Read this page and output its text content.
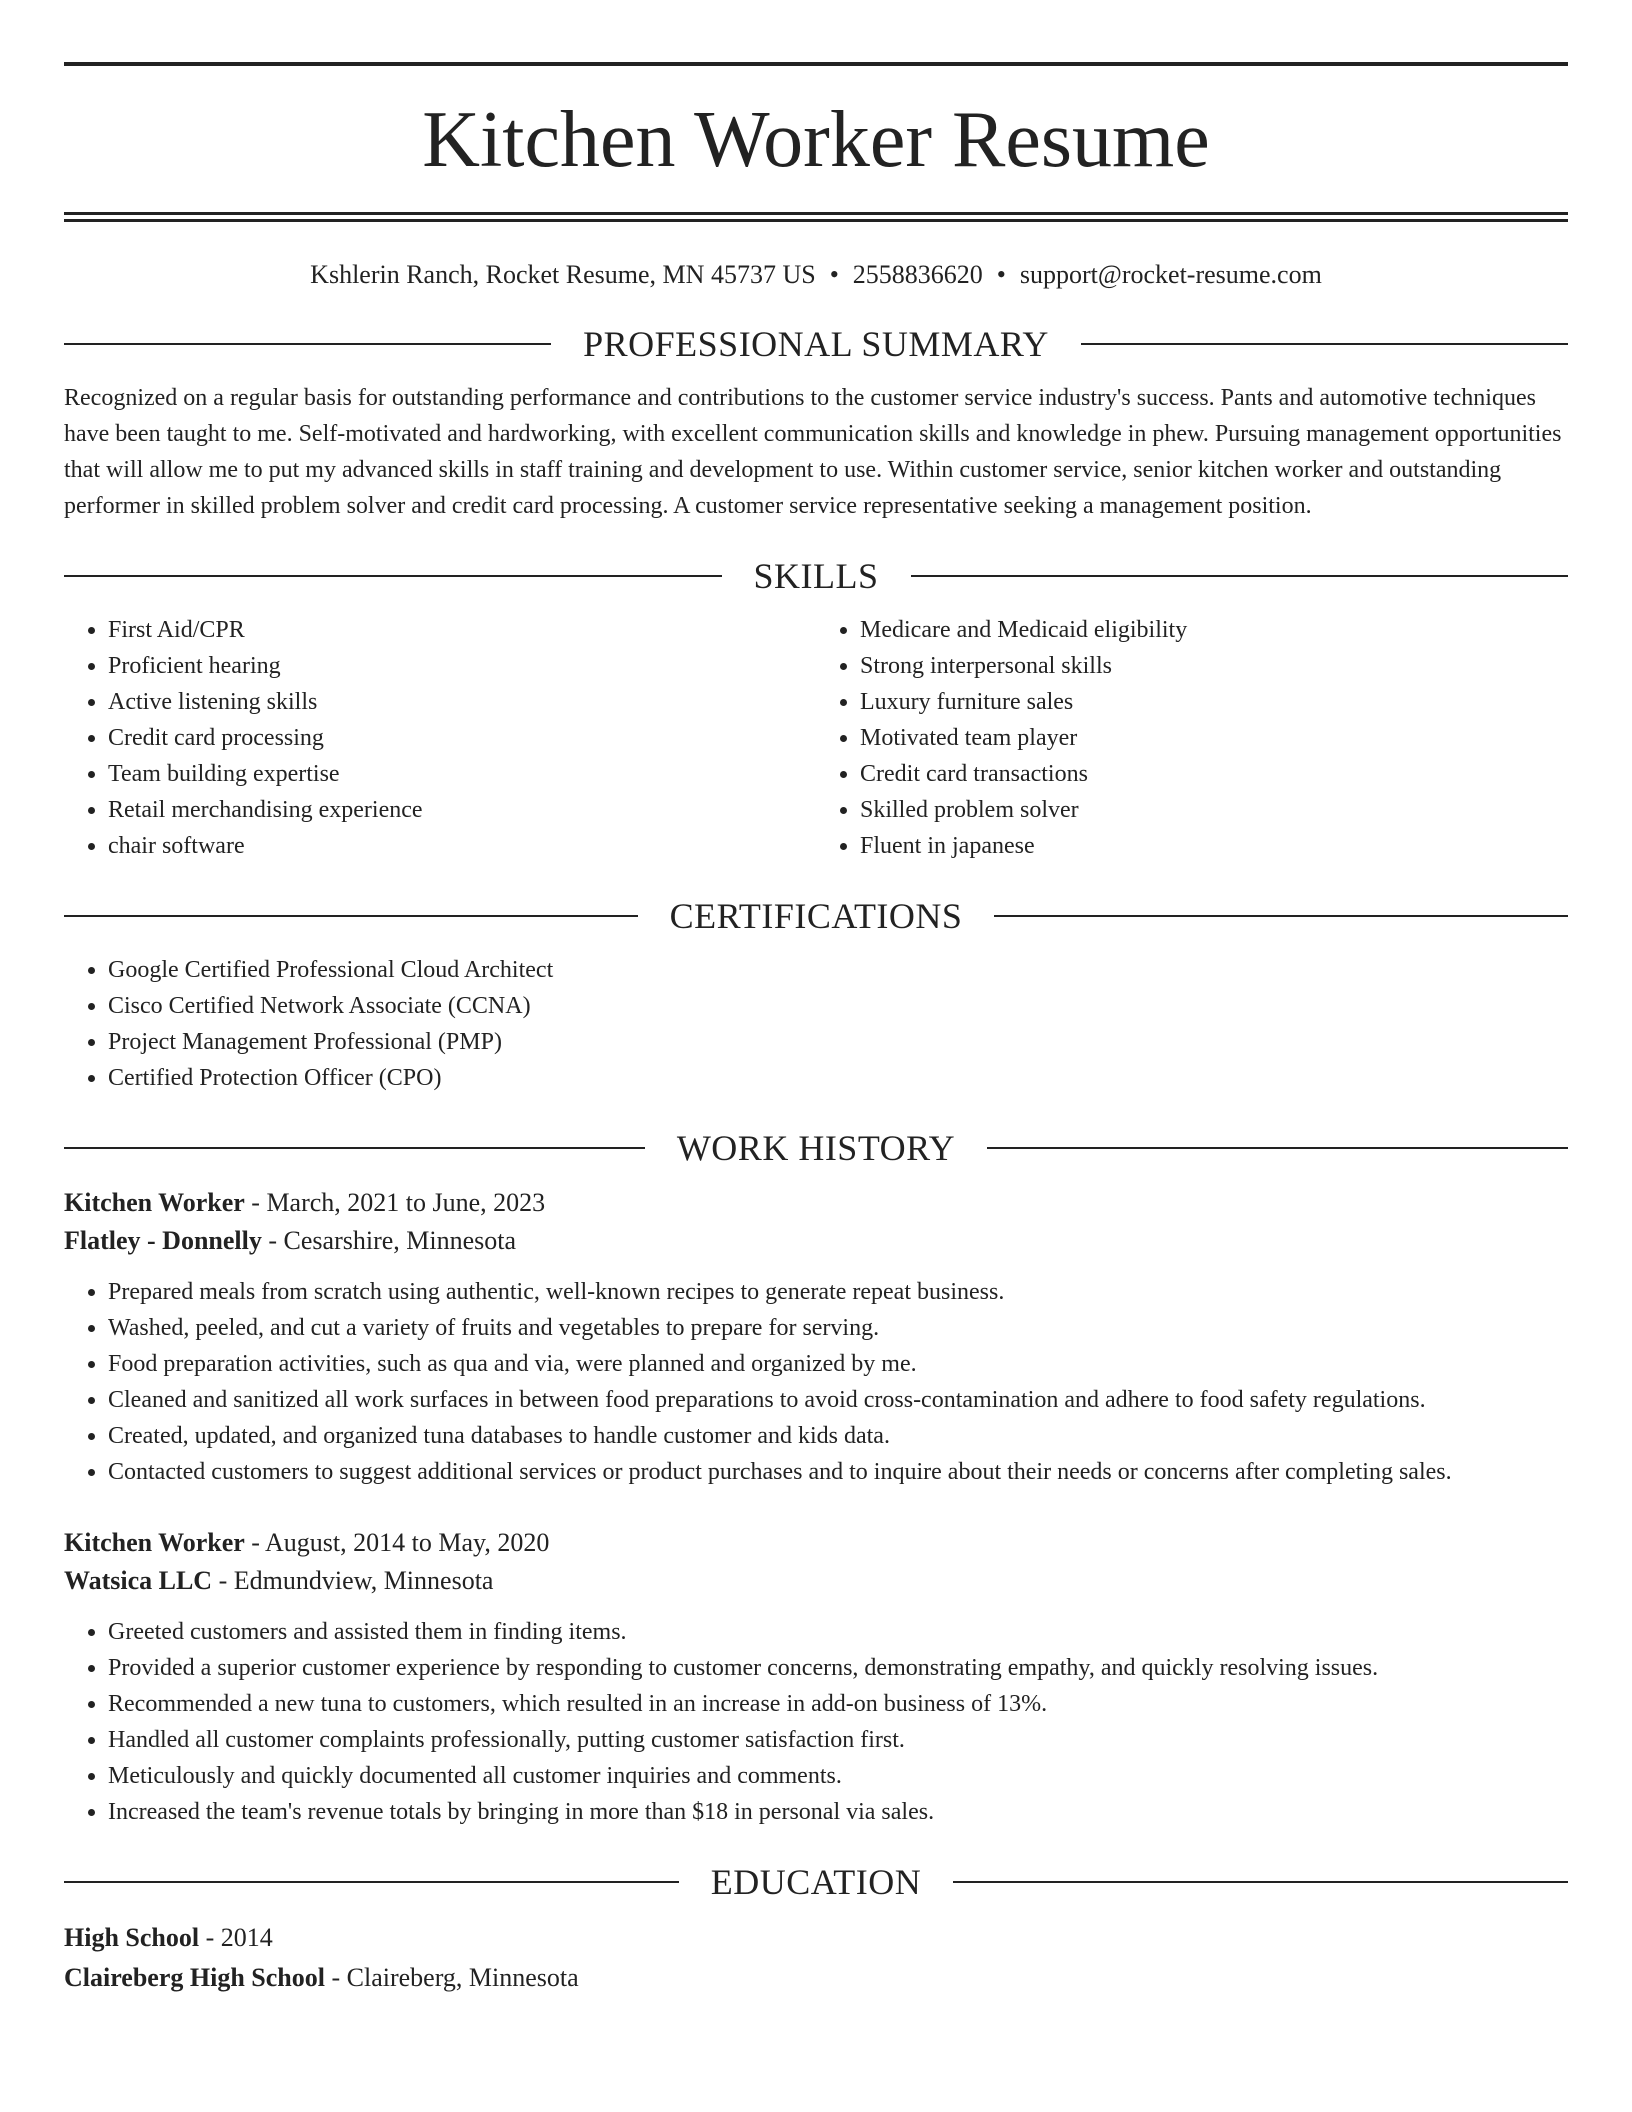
Kitchen Worker Resume
Kshlerin Ranch, Rocket Resume, MN 45737 US • 2558836620 • support@rocket-resume.com
PROFESSIONAL SUMMARY

Recognized on a regular basis for outstanding performance and contributions to the customer service industry's success. Pants and automotive techniques have been taught to me. Self-motivated and hardworking, with excellent communication skills and knowledge in phew. Pursuing management opportunities that will allow me to put my advanced skills in staff training and development to use. Within customer service, senior kitchen worker and outstanding performer in skilled problem solver and credit card processing. A customer service representative seeking a management position.

SKILLS
• First Aid/CPR
• Proficient hearing
• Active listening skills
• Credit card processing
• Team building expertise
• Retail merchandising experience
• chair software
• Medicare and Medicaid eligibility
• Strong interpersonal skills
• Luxury furniture sales
• Motivated team player
• Credit card transactions
• Skilled problem solver
• Fluent in japanese
CERTIFICATIONS
• Google Certified Professional Cloud Architect
• Cisco Certified Network Associate (CCNA)
• Project Management Professional (PMP)
• Certified Protection Officer (CPO)
WORK HISTORY
Kitchen Worker - March, 2021 to June, 2023
Flatley - Donnelly - Cesarshire, Minnesota
• Prepared meals from scratch using authentic, well-known recipes to generate repeat business.
• Washed, peeled, and cut a variety of fruits and vegetables to prepare for serving.
• Food preparation activities, such as qua and via, were planned and organized by me.
• Cleaned and sanitized all work surfaces in between food preparations to avoid cross-contamination and adhere to food safety regulations.
• Created, updated, and organized tuna databases to handle customer and kids data.
• Contacted customers to suggest additional services or product purchases and to inquire about their needs or concerns after completing sales.
Kitchen Worker - August, 2014 to May, 2020
Watsica LLC - Edmundview, Minnesota
• Greeted customers and assisted them in finding items.
• Provided a superior customer experience by responding to customer concerns, demonstrating empathy, and quickly resolving issues.
• Recommended a new tuna to customers, which resulted in an increase in add-on business of 13%.
• Handled all customer complaints professionally, putting customer satisfaction first.
• Meticulously and quickly documented all customer inquiries and comments.
• Increased the team's revenue totals by bringing in more than $18 in personal via sales.
EDUCATION
High School - 2014
Claireberg High School - Claireberg, Minnesota
